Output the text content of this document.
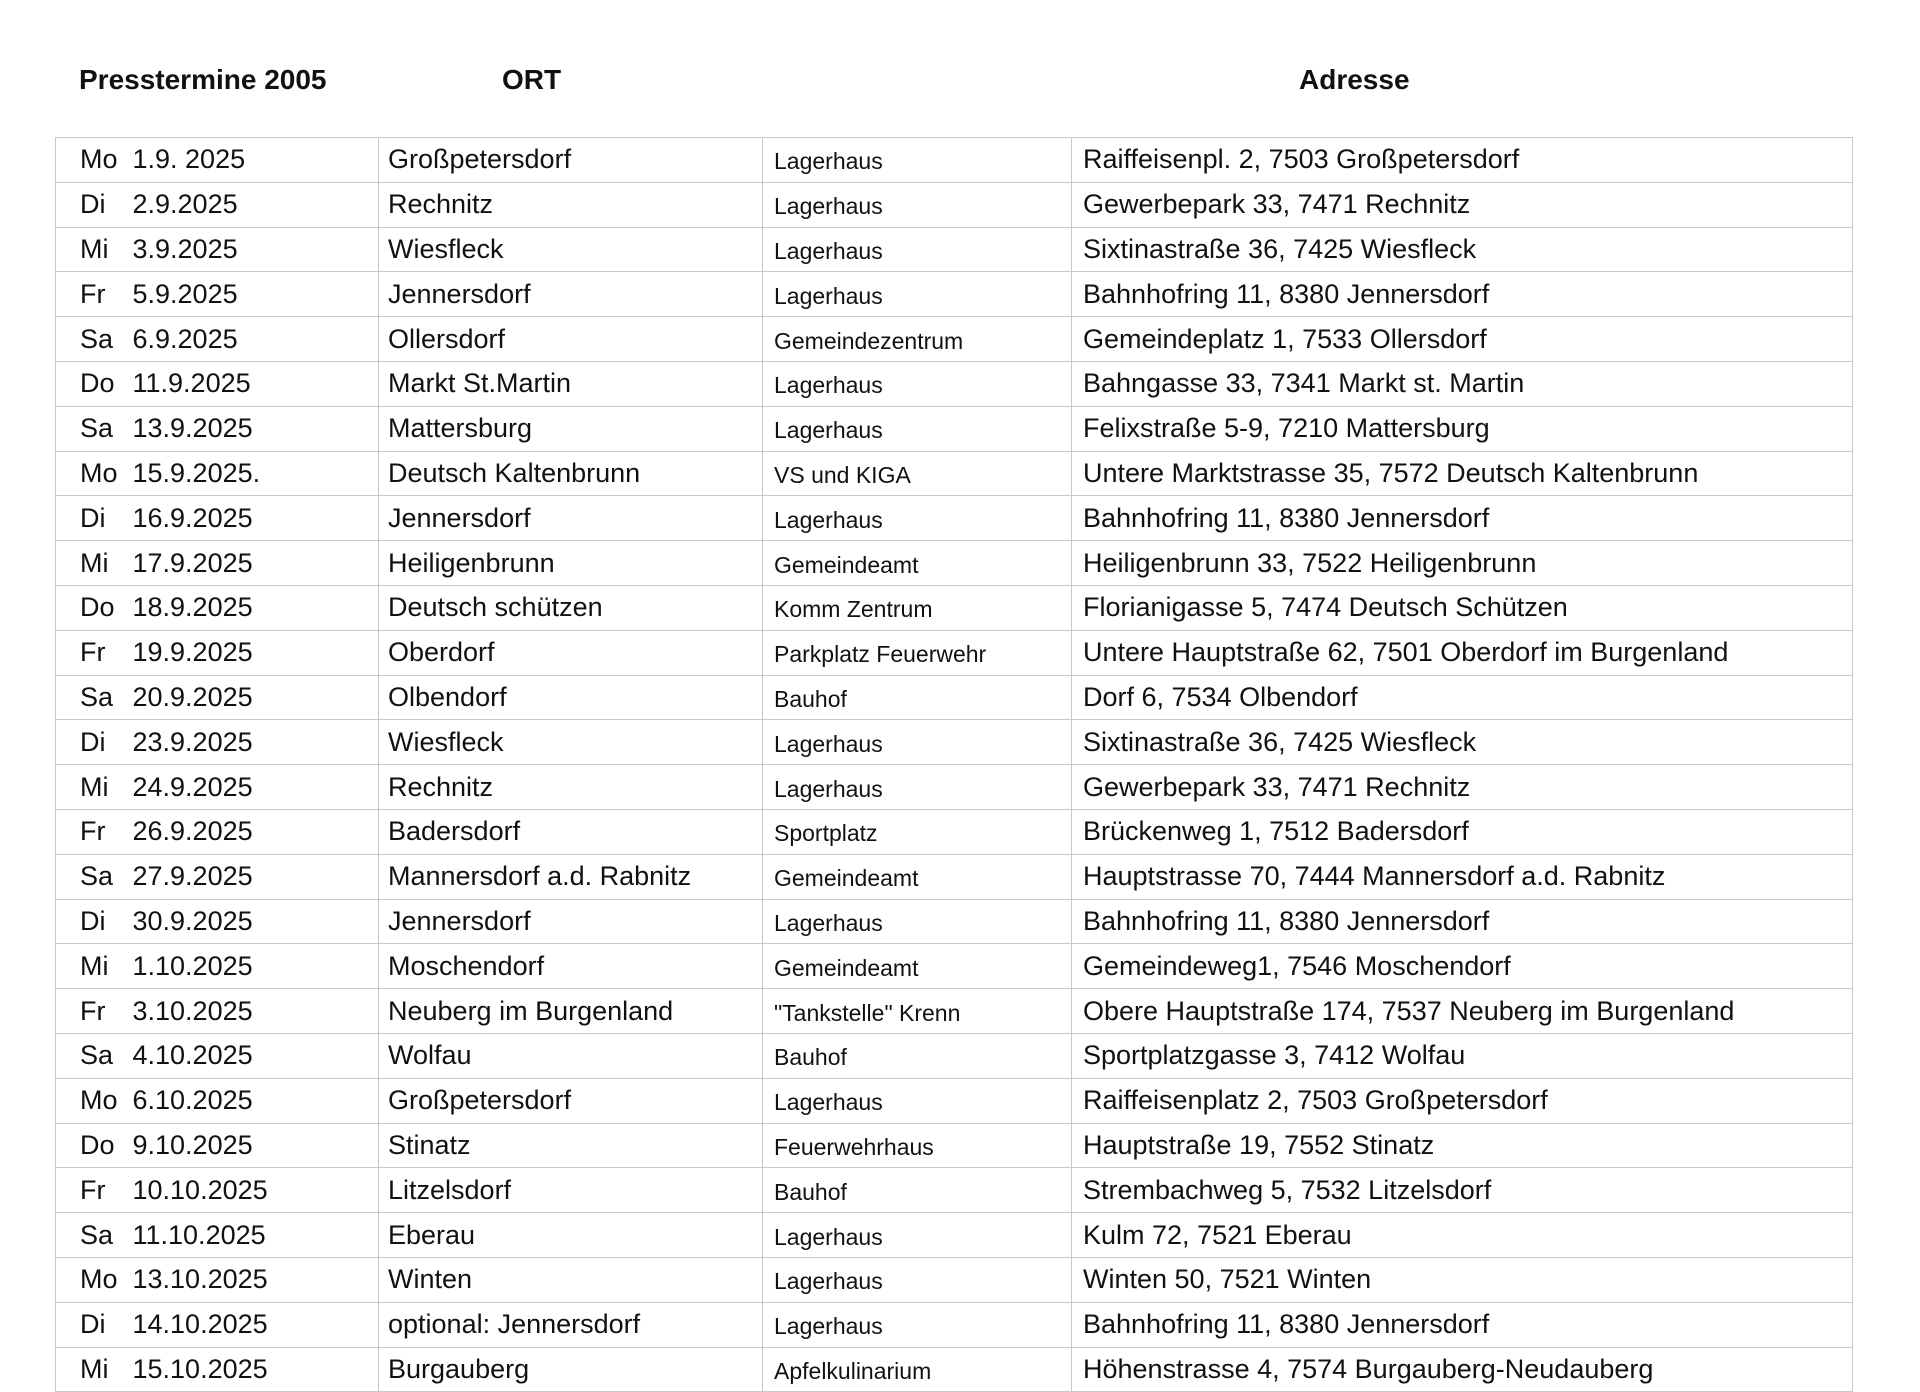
Presstermine 2005	ORT	Adresse
Mo	1.9. 2025	Großpetersdorf	Lagerhaus	Raiffeisenpl. 2, 7503 Großpetersdorf
Di	2.9.2025	Rechnitz	Lagerhaus	Gewerbepark 33, 7471 Rechnitz
Mi	3.9.2025	Wiesfleck	Lagerhaus	Sixtinastraße 36, 7425 Wiesfleck
Fr	5.9.2025	Jennersdorf	Lagerhaus	Bahnhofring 11, 8380 Jennersdorf
Sa	6.9.2025	Ollersdorf	Gemeindezentrum	Gemeindeplatz 1, 7533 Ollersdorf
Do	11.9.2025	Markt St.Martin	Lagerhaus	Bahngasse 33, 7341 Markt st. Martin
Sa	13.9.2025	Mattersburg	Lagerhaus	Felixstraße 5-9, 7210 Mattersburg
Mo	15.9.2025.	Deutsch Kaltenbrunn	VS und KIGA	Untere Marktstrasse 35, 7572 Deutsch Kaltenbrunn
Di	16.9.2025	Jennersdorf	Lagerhaus	Bahnhofring 11, 8380 Jennersdorf
Mi	17.9.2025	Heiligenbrunn	Gemeindeamt	Heiligenbrunn 33, 7522 Heiligenbrunn
Do	18.9.2025	Deutsch schützen	Komm Zentrum	Florianigasse 5, 7474 Deutsch Schützen
Fr	19.9.2025	Oberdorf	Parkplatz Feuerwehr	Untere Hauptstraße 62, 7501 Oberdorf im Burgenland
Sa	20.9.2025	Olbendorf	Bauhof	Dorf 6, 7534 Olbendorf
Di	23.9.2025	Wiesfleck	Lagerhaus	Sixtinastraße 36, 7425 Wiesfleck
Mi	24.9.2025	Rechnitz	Lagerhaus	Gewerbepark 33, 7471 Rechnitz
Fr	26.9.2025	Badersdorf	Sportplatz	Brückenweg 1, 7512 Badersdorf
Sa	27.9.2025	Mannersdorf a.d. Rabnitz	Gemeindeamt	Hauptstrasse 70, 7444 Mannersdorf a.d. Rabnitz
Di	30.9.2025	Jennersdorf	Lagerhaus	Bahnhofring 11, 8380 Jennersdorf
Mi	1.10.2025	Moschendorf	Gemeindeamt	Gemeindeweg1, 7546 Moschendorf
Fr	3.10.2025	Neuberg im Burgenland	"Tankstelle" Krenn	Obere Hauptstraße 174, 7537 Neuberg im Burgenland
Sa	4.10.2025	Wolfau	Bauhof	Sportplatzgasse 3, 7412 Wolfau
Mo	6.10.2025	Großpetersdorf	Lagerhaus	Raiffeisenplatz 2, 7503 Großpetersdorf
Do	9.10.2025	Stinatz	Feuerwehrhaus	Hauptstraße 19, 7552 Stinatz
Fr	10.10.2025	Litzelsdorf	Bauhof	Strembachweg 5, 7532 Litzelsdorf
Sa	11.10.2025	Eberau	Lagerhaus	Kulm 72, 7521 Eberau
Mo	13.10.2025	Winten	Lagerhaus	Winten 50, 7521 Winten
Di	14.10.2025	optional: Jennersdorf	Lagerhaus	Bahnhofring 11, 8380 Jennersdorf
Mi	15.10.2025	Burgauberg	Apfelkulinarium	Höhenstrasse 4, 7574 Burgauberg-Neudauberg
